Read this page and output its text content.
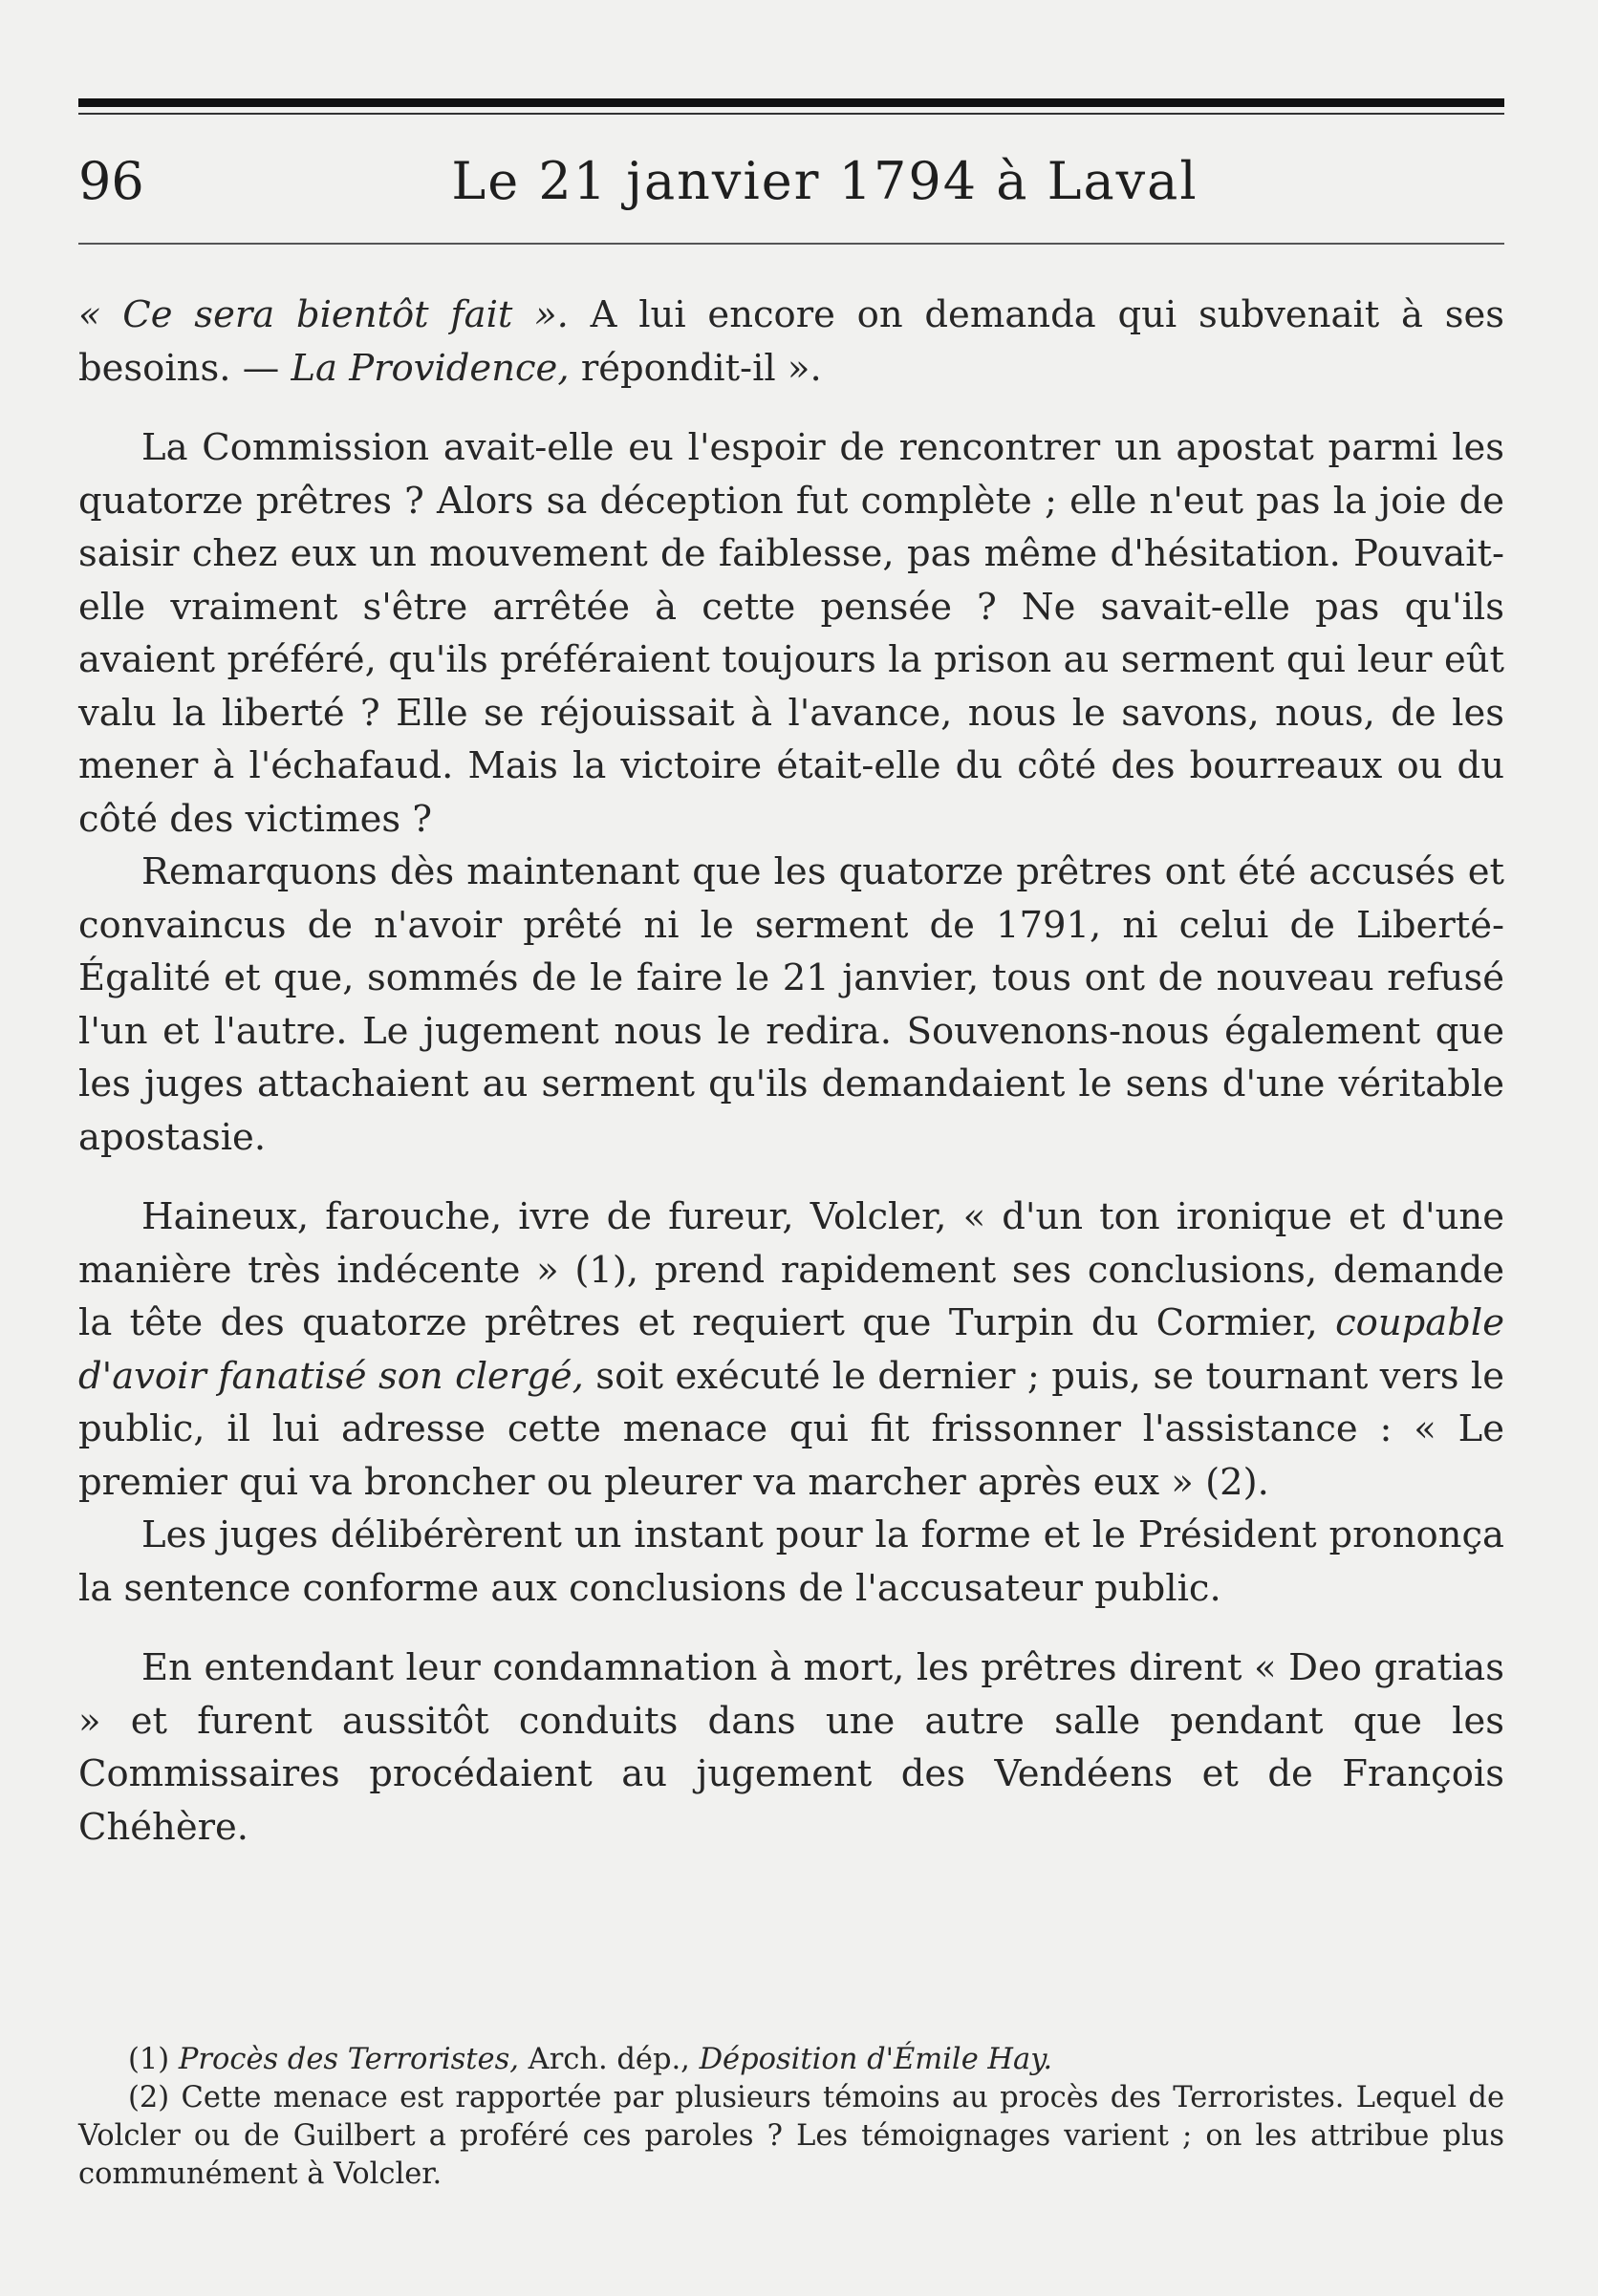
96	Le 21 janvier 1794 à Laval

« Ce sera bientôt fait ». A lui encore on demanda qui subvenait à ses besoins. — La Providence, répondit-il ».

La Commission avait-elle eu l'espoir de rencontrer un apostat parmi les quatorze prêtres ? Alors sa déception fut complète ; elle n'eut pas la joie de saisir chez eux un mouvement de faiblesse, pas même d'hésitation. Pouvait-elle vraiment s'être arrêtée à cette pensée ? Ne savait-elle pas qu'ils avaient préféré, qu'ils préféraient toujours la prison au serment qui leur eût valu la liberté ? Elle se réjouissait à l'avance, nous le savons, nous, de les mener à l'échafaud. Mais la victoire était-elle du côté des bourreaux ou du côté des victimes ?

Remarquons dès maintenant que les quatorze prêtres ont été accusés et convaincus de n'avoir prêté ni le serment de 1791, ni celui de Liberté-Égalité et que, sommés de le faire le 21 janvier, tous ont de nouveau refusé l'un et l'autre. Le jugement nous le redira. Souvenons-nous également que les juges attachaient au serment qu'ils demandaient le sens d'une véritable apostasie.

Haineux, farouche, ivre de fureur, Volcler, « d'un ton ironique et d'une manière très indécente » (1), prend rapidement ses conclusions, demande la tête des quatorze prêtres et requiert que Turpin du Cormier, coupable d'avoir fanatisé son clergé, soit exécuté le dernier ; puis, se tournant vers le public, il lui adresse cette menace qui fit frissonner l'assistance : « Le premier qui va broncher ou pleurer va marcher après eux » (2).

Les juges délibérèrent un instant pour la forme et le Président prononça la sentence conforme aux conclusions de l'accusateur public.

En entendant leur condamnation à mort, les prêtres dirent « Deo gratias » et furent aussitôt conduits dans une autre salle pendant que les Commissaires procédaient au jugement des Vendéens et de François Chéhère.

(1) Procès des Terroristes, Arch. dép., Déposition d'Émile Hay.

(2) Cette menace est rapportée par plusieurs témoins au procès des Terroristes. Lequel de Volcler ou de Guilbert a proféré ces paroles ? Les témoignages varient ; on les attribue plus communément à Volcler.
